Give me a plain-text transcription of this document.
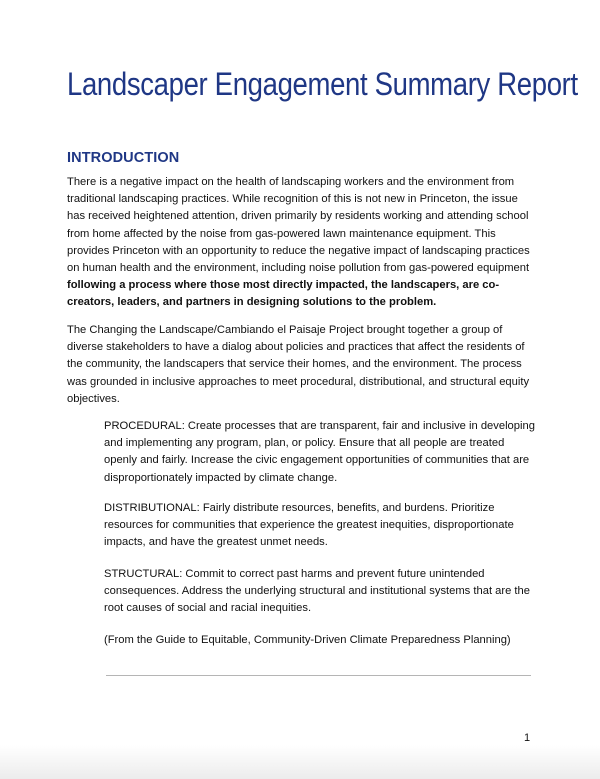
Landscaper Engagement Summary Report
INTRODUCTION

There is a negative impact on the health of landscaping workers and the environment from traditional landscaping practices. While recognition of this is not new in Princeton, the issue has received heightened attention, driven primarily by residents working and attending school from home affected by the noise from gas-powered lawn maintenance equipment. This provides Princeton with an opportunity to reduce the negative impact of landscaping practices on human health and the environment, including noise pollution from gas-powered equipment following a process where those most directly impacted, the landscapers, are co-creators, leaders, and partners in designing solutions to the problem.

The Changing the Landscape/Cambiando el Paisaje Project brought together a group of diverse stakeholders to have a dialog about policies and practices that affect the residents of the community, the landscapers that service their homes, and the environment. The process was grounded in inclusive approaches to meet procedural, distributional, and structural equity objectives.

PROCEDURAL: Create processes that are transparent, fair and inclusive in developing and implementing any program, plan, or policy. Ensure that all people are treated openly and fairly. Increase the civic engagement opportunities of communities that are disproportionately impacted by climate change.

DISTRIBUTIONAL: Fairly distribute resources, benefits, and burdens. Prioritize resources for communities that experience the greatest inequities, disproportionate impacts, and have the greatest unmet needs.

STRUCTURAL: Commit to correct past harms and prevent future unintended consequences. Address the underlying structural and institutional systems that are the root causes of social and racial inequities.

(From the Guide to Equitable, Community-Driven Climate Preparedness Planning)

1
